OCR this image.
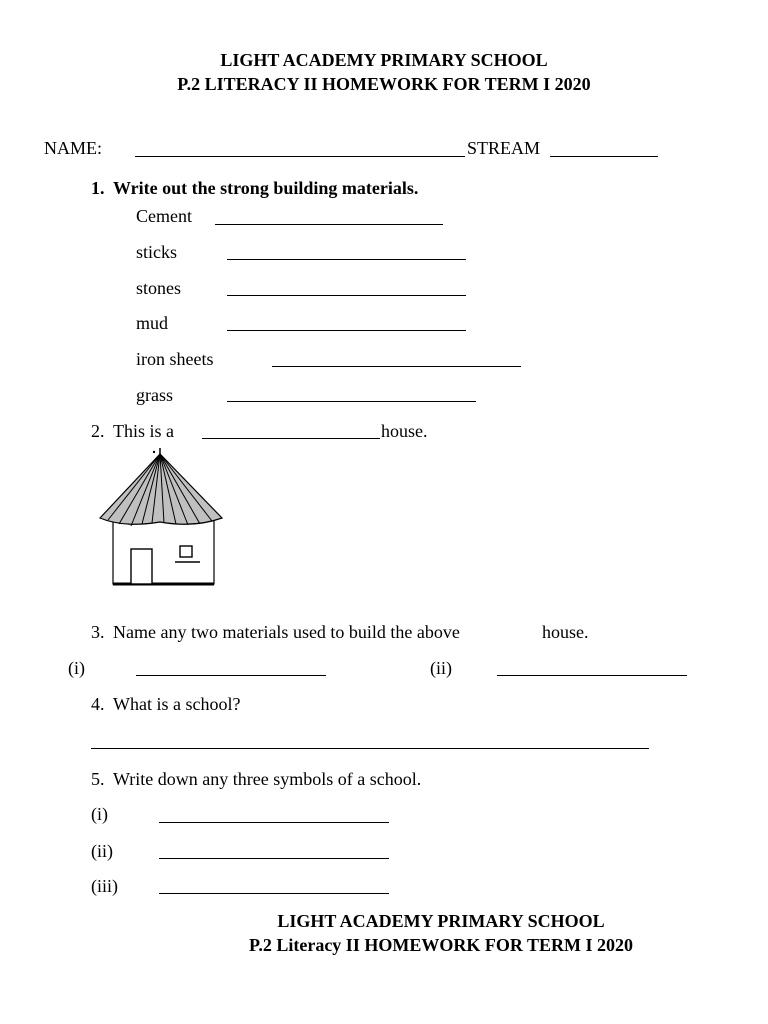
LIGHT ACADEMY PRIMARY SCHOOL
P.2 LITERACY II HOMEWORK FOR TERM I 2020
NAME:	STREAM
1. Write out the strong building materials.
Cement
sticks
stones
mud
iron sheets
grass
2. This is a	house.
3. Name any two materials used to build the above	house.
(i)	(ii)
4. What is a school?
5. Write down any three symbols of a school.
(i)
(ii)
(iii)
LIGHT ACADEMY PRIMARY SCHOOL
P.2 Literacy II HOMEWORK FOR TERM I 2020
